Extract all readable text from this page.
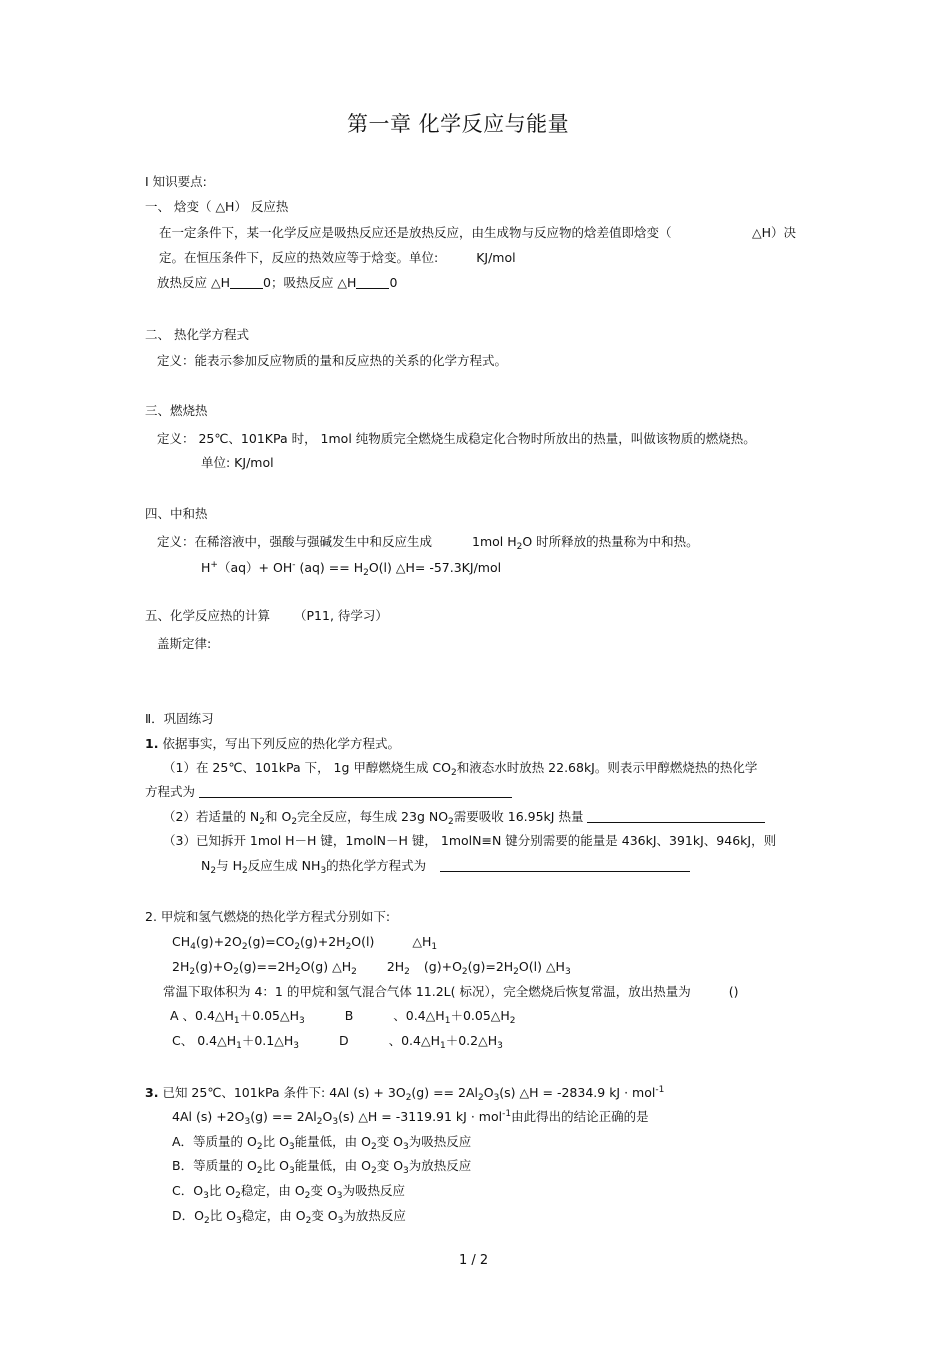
第一章 化学反应与能量
Ⅰ 知识要点:
一、 焓变（ △H） 反应热
在一定条件下，某一化学反应是吸热反应还是放热反应，由生成物与反应物的焓差值即焓变（	△H）决
定。在恒压条件下，反应的热效应等于焓变。单位:	KJ/mol
放热反应 △H	0；吸热反应 △H	0
二、 热化学方程式
定义：能表示参加反应物质的量和反应热的关系的化学方程式。
三、燃烧热
定义： 25℃、101KPa 时， 1mol 纯物质完全燃烧生成稳定化合物时所放出的热量，叫做该物质的燃烧热。
单位: KJ/mol
四、中和热
定义：在稀溶液中，强酸与强碱发生中和反应生成	1mol $H_2O$ 时所释放的热量称为中和热。
H+（aq）+ OH- $(aq) == H_2O(l)$ △H= -57.3KJ/mol
五、化学反应热的计算 （P11, 待学习）
盖斯定律:
Ⅱ．巩固练习
1. 依据事实，写出下列反应的热化学方程式。
（1）在 25℃、101kPa 下， 1g 甲醇燃烧生成 $CO_2$和液态水时放热 22.68kJ。则表示甲醇燃烧热的热化学
方程式为
（2）若适量的 $N_2$和 $O_2$完全反应，每生成 23g $NO_2$需要吸收 16.95kJ 热量
（3）已知拆开 1mol H－H 键，1molN－H 键， 1molN≡N 键分别需要的能量是 436kJ、391kJ、946kJ，则
$N_2$与 $H_2$反应生成 $NH_3$的热化学方程式为
2. 甲烷和氢气燃烧的热化学方程式分别如下:
$CH_4(g)+2O_2(g)=CO_2(g)+2H_2O(l)$	$\triangle H_1$
$2H_2(g)+O_2(g)==2H_2O(g)$ $\triangle H_2$ $2H_2$ $(g)+O_2(g)=2H_2O(l)$ $\triangle H_3$
常温下取体积为 4：1 的甲烷和氢气混合气体 11.2L( 标况），完全燃烧后恢复常温，放出热量为	()
A 、$0.4\triangle H_1+0.05\triangle H_3$	B	、$0.4\triangle H_1+0.05\triangle H_2$
C、 $0.4\triangle H_1+0.1\triangle H_3$	D	、$0.4\triangle H_1+0.2\triangle H_3$
3. 已知 25℃、101kPa 条件下: 4Al $(s) + 3O_2(g) == 2Al_2O_3(s)$ △H = -2834.9 kJ · mol$^{-1}$
4Al $(s) +2O_3(g) == 2Al_2O_3(s)$ △H = -3119.91 kJ · mol$^{-1}$由此得出的结论正确的是
A．等质量的 $O_2$比 $O_3$能量低，由 $O_2$变 $O_3$为吸热反应
B．等质量的 $O_2$比 $O_3$能量低，由 $O_2$变 $O_3$为放热反应
C．$O_3$比 $O_2$稳定，由 $O_2$变 $O_3$为吸热反应
D．$O_2$比 $O_3$稳定，由 $O_2$变 $O_3$为放热反应
1 / 2
